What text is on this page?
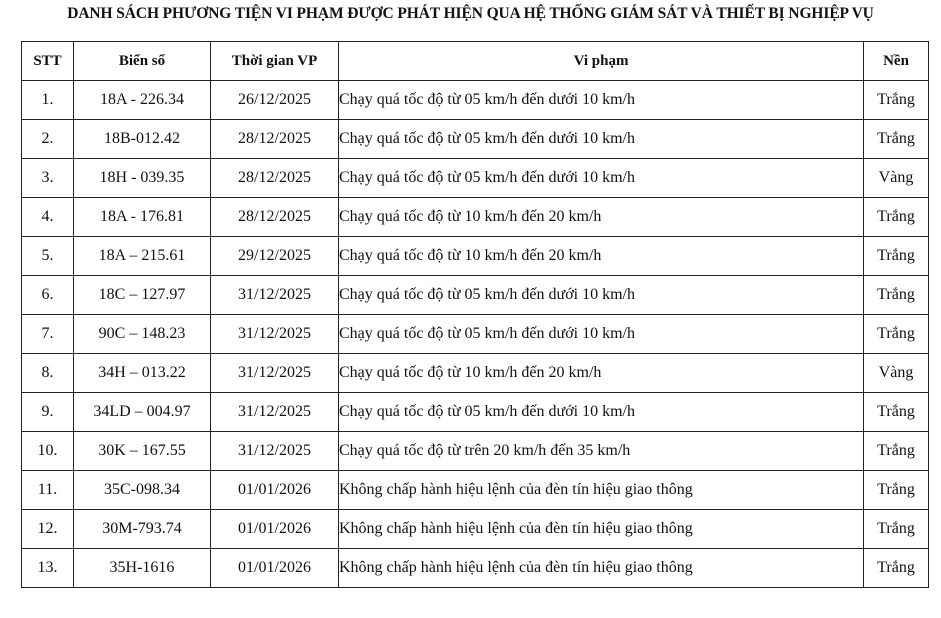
DANH SÁCH PHƯƠNG TIỆN VI PHẠM ĐƯỢC PHÁT HIỆN QUA HỆ THỐNG GIÁM SÁT VÀ THIẾT BỊ NGHIỆP VỤ
STT	Biển số	Thời gian VP	Vi phạm	Nền
1.	18A - 226.34	26/12/2025	Chạy quá tốc độ từ 05 km/h đến dưới 10 km/h	Trắng
2.	18B-012.42	28/12/2025	Chạy quá tốc độ từ 05 km/h đến dưới 10 km/h	Trắng
3.	18H - 039.35	28/12/2025	Chạy quá tốc độ từ 05 km/h đến dưới 10 km/h	Vàng
4.	18A - 176.81	28/12/2025	Chạy quá tốc độ từ 10 km/h đến 20 km/h	Trắng
5.	18A – 215.61	29/12/2025	Chạy quá tốc độ từ 10 km/h đến 20 km/h	Trắng
6.	18C – 127.97	31/12/2025	Chạy quá tốc độ từ 05 km/h đến dưới 10 km/h	Trắng
7.	90C – 148.23	31/12/2025	Chạy quá tốc độ từ 05 km/h đến dưới 10 km/h	Trắng
8.	34H – 013.22	31/12/2025	Chạy quá tốc độ từ 10 km/h đến 20 km/h	Vàng
9.	34LD – 004.97	31/12/2025	Chạy quá tốc độ từ 05 km/h đến dưới 10 km/h	Trắng
10.	30K – 167.55	31/12/2025	Chạy quá tốc độ từ trên 20 km/h đến 35 km/h	Trắng
11.	35C-098.34	01/01/2026	Không chấp hành hiệu lệnh của đèn tín hiệu giao thông	Trắng
12.	30M-793.74	01/01/2026	Không chấp hành hiệu lệnh của đèn tín hiệu giao thông	Trắng
13.	35H-1616	01/01/2026	Không chấp hành hiệu lệnh của đèn tín hiệu giao thông	Trắng
